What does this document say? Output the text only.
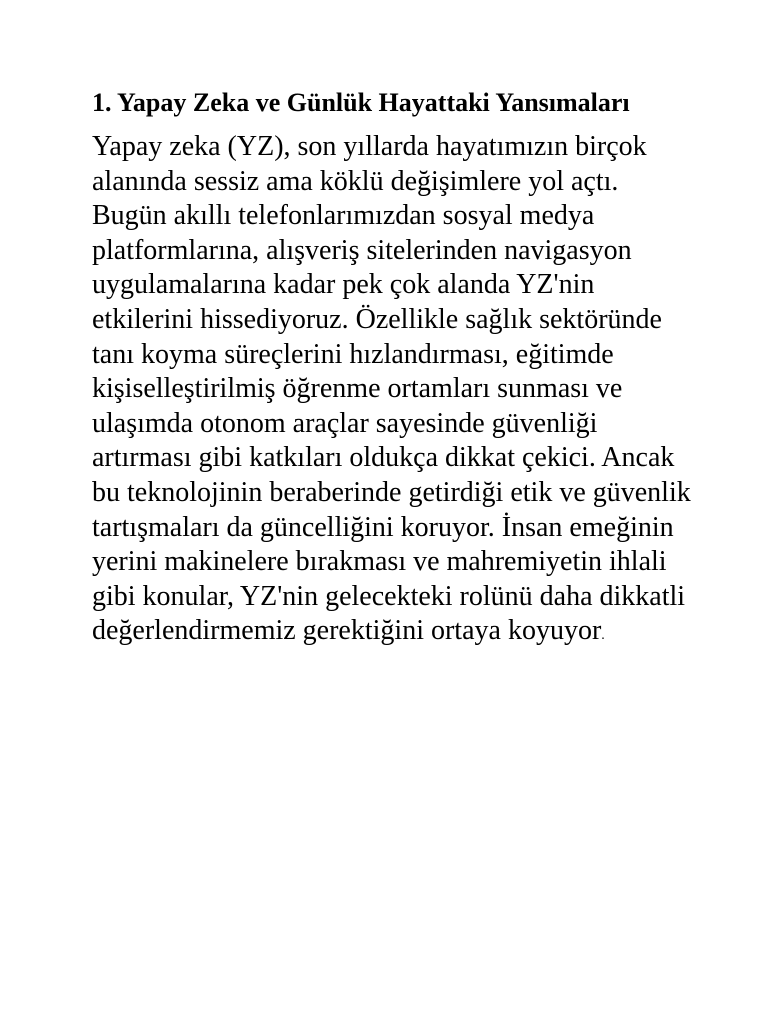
1. Yapay Zeka ve Günlük Hayattaki Yansımaları

Yapay zeka (YZ), son yıllarda hayatımızın birçok alanında sessiz ama köklü değişimlere yol açtı. Bugün akıllı telefonlarımızdan sosyal medya platformlarına, alışveriş sitelerinden navigasyon uygulamalarına kadar pek çok alanda YZ'nin etkilerini hissediyoruz. Özellikle sağlık sektöründe tanı koyma süreçlerini hızlandırması, eğitimde kişiselleştirilmiş öğrenme ortamları sunması ve ulaşımda otonom araçlar sayesinde güvenliği artırması gibi katkıları oldukça dikkat çekici. Ancak bu teknolojinin beraberinde getirdiği etik ve güvenlik tartışmaları da güncelliğini koruyor. İnsan emeğinin yerini makinelere bırakması ve mahremiyetin ihlali gibi konular, YZ'nin gelecekteki rolünü daha dikkatli değerlendirmemiz gerektiğini ortaya koyuyor.
